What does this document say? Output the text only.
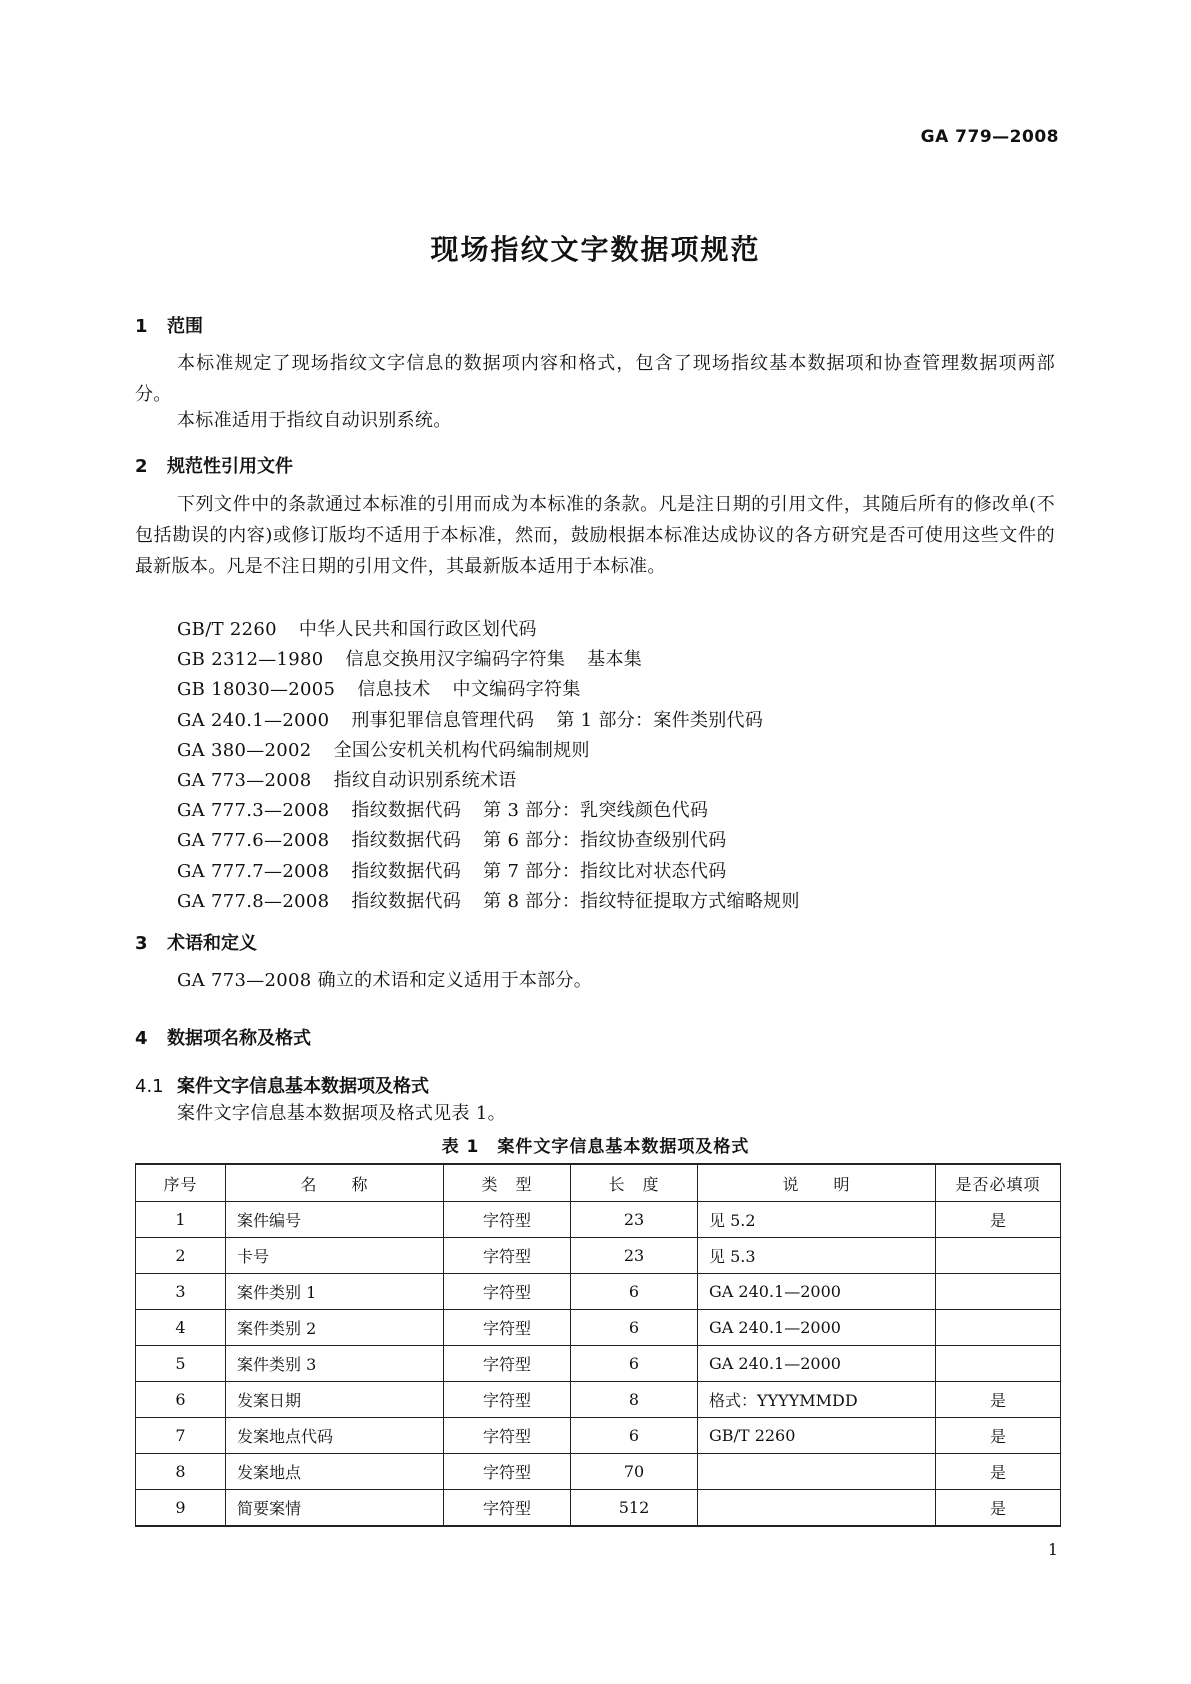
GA 779—2008
现场指纹文字数据项规范
1 范围
本标准规定了现场指纹文字信息的数据项内容和格式，包含了现场指纹基本数据项和协查管理数据项两部分。
本标准适用于指纹自动识别系统。
2 规范性引用文件
下列文件中的条款通过本标准的引用而成为本标准的条款。凡是注日期的引用文件，其随后所有的修改单(不包括勘误的内容)或修订版均不适用于本标准，然而，鼓励根据本标准达成协议的各方研究是否可使用这些文件的最新版本。凡是不注日期的引用文件，其最新版本适用于本标准。
GB/T 2260 中华人民共和国行政区划代码
GB 2312—1980 信息交换用汉字编码字符集 基本集
GB 18030—2005 信息技术 中文编码字符集
GA 240.1—2000 刑事犯罪信息管理代码 第 1 部分：案件类别代码
GA 380—2002 全国公安机关机构代码编制规则
GA 773—2008 指纹自动识别系统术语
GA 777.3—2008 指纹数据代码 第 3 部分：乳突线颜色代码
GA 777.6—2008 指纹数据代码 第 6 部分：指纹协查级别代码
GA 777.7—2008 指纹数据代码 第 7 部分：指纹比对状态代码
GA 777.8—2008 指纹数据代码 第 8 部分：指纹特征提取方式缩略规则
3 术语和定义
GA 773—2008 确立的术语和定义适用于本部分。
4 数据项名称及格式
4.1 案件文字信息基本数据项及格式
案件文字信息基本数据项及格式见表 1。
表 1　案件文字信息基本数据项及格式
序号	名　　称	类　型	长　度	说　　明	是否必填项
1	案件编号	字符型	23	见 5.2	是
2	卡号	字符型	23	见 5.3	
3	案件类别 1	字符型	6	GA 240.1—2000	
4	案件类别 2	字符型	6	GA 240.1—2000	
5	案件类别 3	字符型	6	GA 240.1—2000	
6	发案日期	字符型	8	格式：YYYYMMDD	是
7	发案地点代码	字符型	6	GB/T 2260	是
8	发案地点	字符型	70		是
9	简要案情	字符型	512		是
1
